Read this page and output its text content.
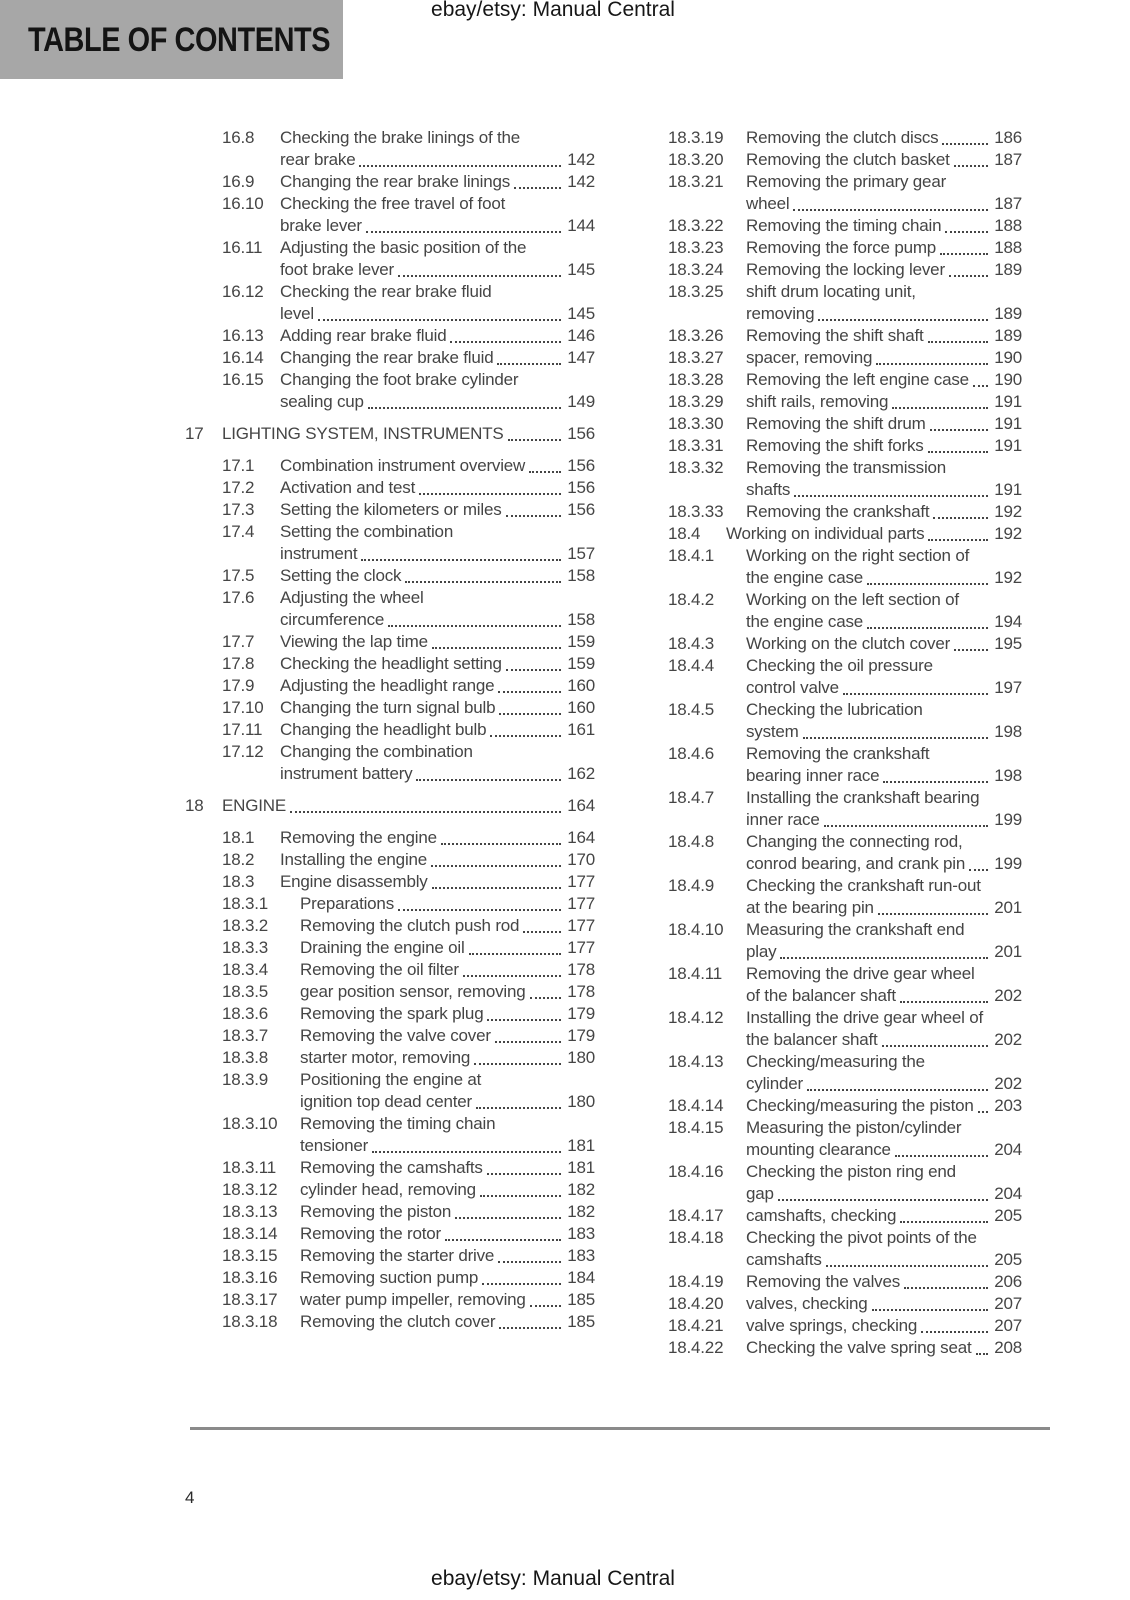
TABLE OF CONTENTS
ebay/etsy: Manual Central
16.8	Checking the brake linings of the
rear brake	142
16.9	Changing the rear brake linings	142
16.10 Checking the free travel of foot
brake lever	144
16.11	Adjusting the basic position of the
foot brake lever	145
16.12 Checking the rear brake fluid
level	145
16.13 Adding rear brake fluid	146
16.14 Changing the rear brake fluid	147
16.15 Changing the foot brake cylinder
sealing cup	149
17	LIGHTING SYSTEM, INSTRUMENTS	156
17.1	Combination instrument overview 156
17.2	Activation and test	156
17.3	Setting the kilometers or miles	156
17.4	Setting the combination
instrument	157
17.5	Setting the clock	158
17.6	Adjusting the wheel
circumference	158
17.7	Viewing the lap time	159
17.8	Checking the headlight setting	159
17.9	Adjusting the headlight range	160
17.10 Changing the turn signal bulb	160
17.11	Changing the headlight bulb	161
17.12 Changing the combination
instrument battery	162
18	ENGINE	164
18.1	Removing the engine	164
18.2	Installing the engine	170
18.3	Engine disassembly	177
18.3.1	Preparations	177
18.3.2	Removing the clutch push rod	177
18.3.3	Draining the engine oil	177
18.3.4	Removing the oil filter	178
18.3.5	gear position sensor, removing 178
18.3.6	Removing the spark plug	179
18.3.7	Removing the valve cover	179
18.3.8	starter motor, removing	180
18.3.9	Positioning the engine at
ignition top dead center	180
18.3.10	Removing the timing chain
tensioner	181
18.3.11	Removing the camshafts	181
18.3.12	cylinder head, removing	182
18.3.13	Removing the piston	182
18.3.14	Removing the rotor	183
18.3.15	Removing the starter drive	183
18.3.16	Removing suction pump	184
18.3.17	water pump impeller, removing 185
18.3.18	Removing the clutch cover	185
18.3.19	Removing the clutch discs	186
18.3.20	Removing the clutch basket	187
18.3.21	Removing the primary gear
wheel	187
18.3.22	Removing the timing chain	188
18.3.23	Removing the force pump	188
18.3.24	Removing the locking lever	189
18.3.25	shift drum locating unit,
removing	189
18.3.26	Removing the shift shaft	189
18.3.27	spacer, removing	190
18.3.28	Removing the left engine case 190
18.3.29	shift rails, removing	191
18.3.30	Removing the shift drum	191
18.3.31	Removing the shift forks	191
18.3.32	Removing the transmission
shafts	191
18.3.33	Removing the crankshaft	192
18.4	Working on individual parts	192
18.4.1	Working on the right section of
the engine case	192
18.4.2	Working on the left section of
the engine case	194
18.4.3	Working on the clutch cover	195
18.4.4	Checking the oil pressure
control valve	197
18.4.5	Checking the lubrication
system	198
18.4.6	Removing the crankshaft
bearing inner race	198
18.4.7	Installing the crankshaft bearing
inner race	199
18.4.8	Changing the connecting rod,
conrod bearing, and crank pin 199
18.4.9	Checking the crankshaft run-out
at the bearing pin	201
18.4.10	Measuring the crankshaft end
play	201
18.4.11	Removing the drive gear wheel
of the balancer shaft	202
18.4.12	Installing the drive gear wheel of
the balancer shaft	202
18.4.13	Checking/measuring the
cylinder	202
18.4.14	Checking/measuring the piston 203
18.4.15	Measuring the piston/cylinder
mounting clearance	204
18.4.16	Checking the piston ring end
gap	204
18.4.17	camshafts, checking	205
18.4.18	Checking the pivot points of the
camshafts	205
18.4.19	Removing the valves	206
18.4.20	valves, checking	207
18.4.21	valve springs, checking	207
18.4.22	Checking the valve spring seat 208
4
ebay/etsy: Manual Central
